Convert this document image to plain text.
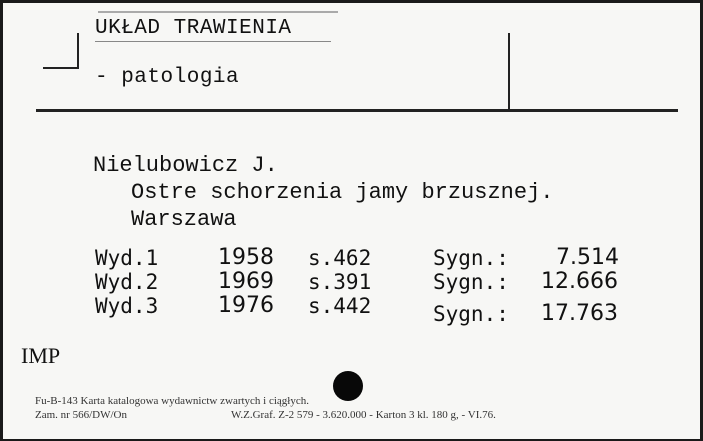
UKŁAD TRAWIENIA
- patologia
Nielubowicz J.
Ostre schorzenia jamy brzusznej.
Warszawa
Wyd.1	1958 s.462	Sygn.: 7.514
Wyd.2	1969 s.391	Sygn.: 12.666
Wyd.3	1976 s.442	Sygn.: 17.763
IMP
Fu-B-143 Karta katalogowa wydawnictw zwartych i ciągłych.
Zam. nr 566/DW/On	W.Z.Graf. Z-2 579 - 3.620.000 - Karton 3 kl. 180 g, - VI.76.
